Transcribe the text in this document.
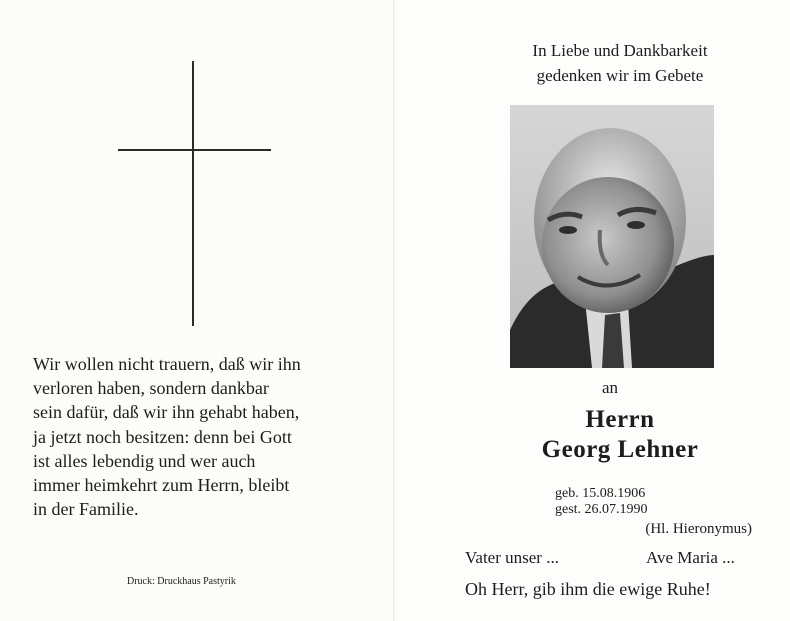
Wir wollen nicht trauern, daß wir ihn
verloren haben, sondern dankbar
sein dafür, daß wir ihn gehabt haben,
ja jetzt noch besitzen: denn bei Gott
ist alles lebendig und wer auch
immer heimkehrt zum Herrn, bleibt
in der Familie.

(Hl. Hieronymus)
Druck: Druckhaus Pastyrik
In Liebe und Dankbarkeit
gedenken wir im Gebete
an
Herrn
Georg Lehner
geb. 15.08.1906
gest. 26.07.1990
Vater unser ...	Ave Maria ...
Oh Herr, gib ihm die ewige Ruhe!
